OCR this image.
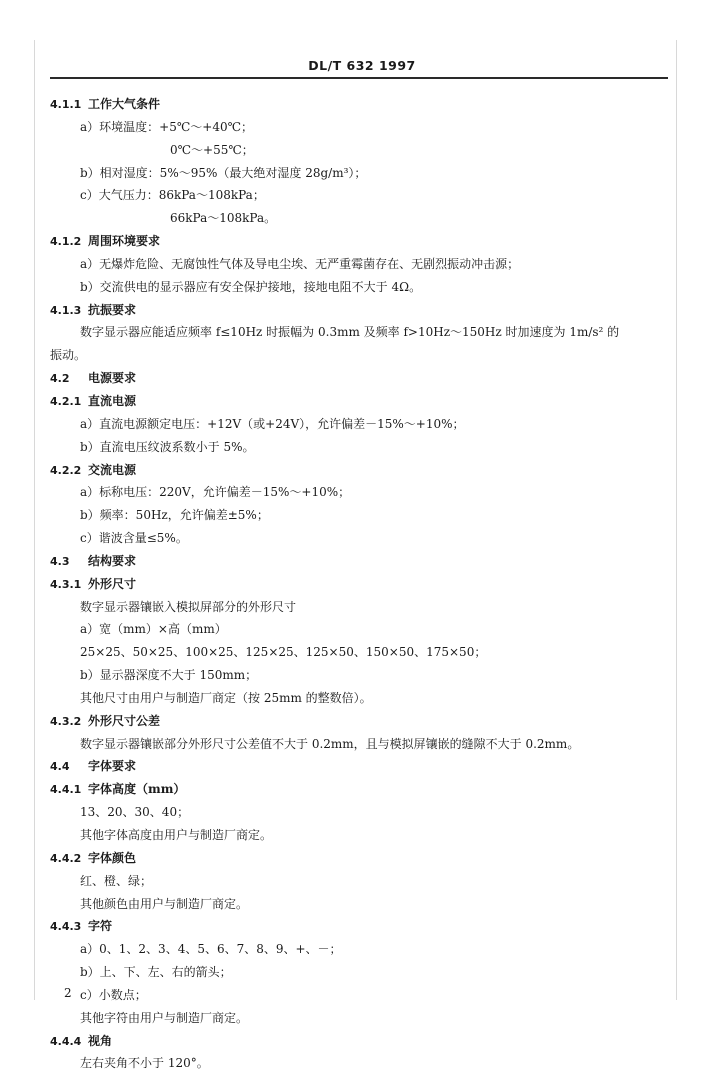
DL/T 632 1997
4.1.1 工作大气条件
a）环境温度：+5℃～+40℃；
0℃～+55℃；
b）相对湿度：5%～95%（最大绝对湿度 28g/m³）；
c）大气压力：86kPa～108kPa；
66kPa～108kPa。
4.1.2 周围环境要求
a）无爆炸危险、无腐蚀性气体及导电尘埃、无严重霉菌存在、无剧烈振动冲击源；
b）交流供电的显示器应有安全保护接地，接地电阻不大于 4Ω。
4.1.3 抗振要求
数字显示器应能适应频率 f≤10Hz 时振幅为 0.3mm 及频率 f>10Hz～150Hz 时加速度为 1m/s² 的
振动。
4.2 电源要求
4.2.1 直流电源
a）直流电源额定电压：+12V（或+24V），允许偏差－15%～+10%；
b）直流电压纹波系数小于 5%。
4.2.2 交流电源
a）标称电压：220V，允许偏差－15%～+10%；
b）频率：50Hz，允许偏差±5%；
c）谐波含量≤5%。
4.3 结构要求
4.3.1 外形尺寸
数字显示器镶嵌入模拟屏部分的外形尺寸
a）宽（mm）×高（mm）
25×25、50×25、100×25、125×25、125×50、150×50、175×50；
b）显示器深度不大于 150mm；
其他尺寸由用户与制造厂商定（按 25mm 的整数倍）。
4.3.2 外形尺寸公差
数字显示器镶嵌部分外形尺寸公差值不大于 0.2mm，且与模拟屏镶嵌的缝隙不大于 0.2mm。
4.4 字体要求
4.4.1 字体高度（mm）
13、20、30、40；
其他字体高度由用户与制造厂商定。
4.4.2 字体颜色
红、橙、绿；
其他颜色由用户与制造厂商定。
4.4.3 字符
a）0、1、2、3、4、5、6、7、8、9、+、－；
b）上、下、左、右的箭头；
c）小数点；
其他字符由用户与制造厂商定。
4.4.4 视角
左右夹角不小于 120°。
2
